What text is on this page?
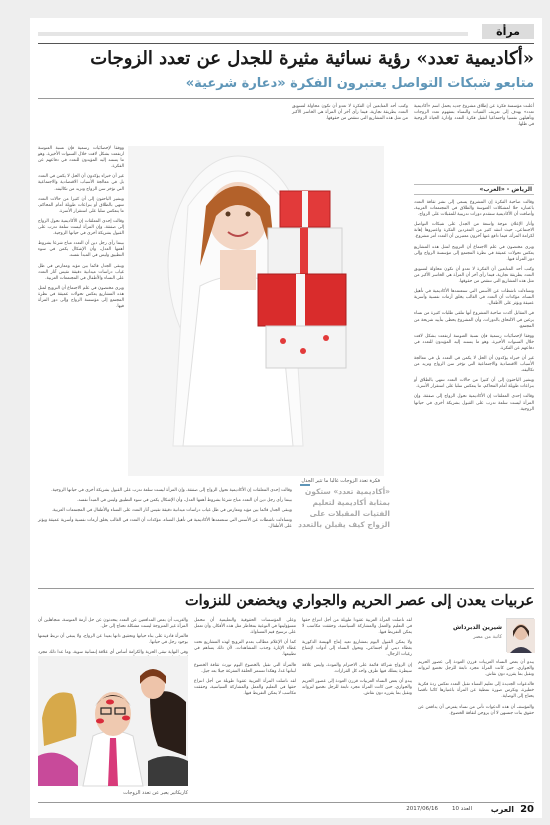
مرأة
«أكاديمية تعدد» رؤية نسائية مثيرة للجدل عن تعدد الزوجات
متابعو شبكات التواصل يعتبرون الفكرة «دعارة شرعية»

أعلنت مؤسسة فكرة عن إطلاق مشروع جديد يحمل اسم «أكاديمية تعدد» يهدف إلى تعريف الفتيات والنساء بمفهوم تعدد الزوجات وتأهيلهن نفسيا واجتماعيا لتقبل فكرة التعدد وإدارة الحياة الزوجية في ظلها.

الرياض - «العرب»

وقالت صاحبة الفكرة إن المشروع يسعى إلى نشر ثقافة التعدد باعتباره حلا لمشكلات العنوسة والطلاق في المجتمعات العربية، وأضافت أن الأكاديمية ستقدم دورات تدريبية للمقبلات على الزواج.

وأثار الإعلان موجة واسعة من الجدل على شبكات التواصل الاجتماعي، حيث انتقد كثير من المغردين الفكرة واعتبروها إهانة لكرامة المرأة، فيما دافع عنها آخرون معتبرين أن التعدد أمر مشروع.

ويرى مختصون في علم الاجتماع أن الترويج لمثل هذه المشاريع يعكس تحولات عميقة في نظرة المجتمع إلى مؤسسة الزواج وإلى دور المرأة فيها.

وكتب أحد المتابعين أن الفكرة لا تعدو أن تكون محاولة لتسويق التعدد بطريقة تجارية، فيما رأى آخر أن المرأة هي الخاسر الأكبر من مثل هذه المشاريع التي تنتقص من حقوقها.

وتساءلت ناشطات عن الأسس التي ستعتمدها الأكاديمية في تأهيل النساء، مؤكدات أن التعدد في الغالب يخلق أزمات نفسية وأسرية عميقة ويؤثر على الأطفال.

في المقابل أكدت صاحبة المشروع أنها تتلقى طلبات كثيرة من نساء يرغبن في الالتحاق بالدورات، وأن المشروع يحظى بتأييد شريحة من المجتمع.

ووفقا لإحصائيات رسمية فإن نسبة العنوسة ارتفعت بشكل لافت خلال السنوات الأخيرة، وهو ما يستند إليه المؤيدون للتعدد في دفاعهم عن الفكرة.

غير أن خبراء يؤكدون أن الحل لا يكمن في التعدد بل في معالجة الأسباب الاقتصادية والاجتماعية التي تؤخر سن الزواج وتزيد من تكاليفه.

ويشير الباحثون إلى أن كثيرا من حالات التعدد تنتهي بالطلاق أو بنزاعات طويلة أمام المحاكم، ما ينعكس سلبا على استقرار الأسرة.

وقالت إحدى المعلقات إن الأكاديمية تحول الزواج إلى صفقة، وإن المرأة ليست سلعة تدرب على القبول بشريكة أخرى في حياتها الزوجية.

وكتب أحد المتابعين أن الفكرة لا تعدو أن تكون محاولة لتسويق التعدد بطريقة تجارية، فيما رأى آخر أن المرأة هي الخاسر الأكبر من مثل هذه المشاريع التي تنتقص من حقوقها.

فكرة تعدد الزوجات غالبا ما تثير الجدل

ووفقا لإحصائيات رسمية فإن نسبة العنوسة ارتفعت بشكل لافت خلال السنوات الأخيرة، وهو ما يستند إليه المؤيدون للتعدد في دفاعهم عن الفكرة.

غير أن خبراء يؤكدون أن الحل لا يكمن في التعدد بل في معالجة الأسباب الاقتصادية والاجتماعية التي تؤخر سن الزواج وتزيد من تكاليفه.

ويشير الباحثون إلى أن كثيرا من حالات التعدد تنتهي بالطلاق أو بنزاعات طويلة أمام المحاكم، ما ينعكس سلبا على استقرار الأسرة.

وقالت إحدى المعلقات إن الأكاديمية تحول الزواج إلى صفقة، وإن المرأة ليست سلعة تدرب على القبول بشريكة أخرى في حياتها الزوجية.

بينما رأى رجل دين أن التعدد مباح شرعا بشروط أهمها العدل، وأن الإشكال يكمن في سوء التطبيق وليس في المبدأ نفسه.

ويبقى الجدل قائما بين مؤيد ومعارض في ظل غياب دراسات ميدانية دقيقة تقيس آثار التعدد على النساء والأطفال في المجتمعات العربية.

ويرى مختصون في علم الاجتماع أن الترويج لمثل هذه المشاريع يعكس تحولات عميقة في نظرة المجتمع إلى مؤسسة الزواج وإلى دور المرأة فيها.

وقالت إحدى المعلقات إن الأكاديمية تحول الزواج إلى صفقة، وإن المرأة ليست سلعة تدرب على القبول بشريكة أخرى في حياتها الزوجية.

بينما رأى رجل دين أن التعدد مباح شرعا بشروط أهمها العدل، وأن الإشكال يكمن في سوء التطبيق وليس في المبدأ نفسه.

ويبقى الجدل قائما بين مؤيد ومعارض في ظل غياب دراسات ميدانية دقيقة تقيس آثار التعدد على النساء والأطفال في المجتمعات العربية.

وتساءلت ناشطات عن الأسس التي ستعتمدها الأكاديمية في تأهيل النساء، مؤكدات أن التعدد في الغالب يخلق أزمات نفسية وأسرية عميقة ويؤثر على الأطفال.

«أكاديمية تعدد» ستكون بمثابة أكاديمية لتعليم الفتيات المقبلات على الزواج كيف يقبلن بالتعدد
عربيات يعدن إلى عصر الحريم والجواري ويخضعن للنزوات
شيرين الدبرداش
كاتبة من مصر

يبدو أن بعض النساء العربيات قررن العودة إلى عصور الحريم والجواري، حين كانت المرأة مجرد تابعة للرجل تخضع لنزواته وتقبل بما يقرره دون نقاش.

فالدعوات الجديدة إلى تعليم النساء تقبل التعدد تعكس ردة فكرية خطيرة، وتكرس صورة نمطية عن المرأة باعتبارها كائنا ناقصا يحتاج إلى الوصاية.

والمؤسف أن هذه الدعوات تأتي من نساء يفترض أن يدافعن عن حقوق بنات جنسهن لا أن يروجن لثقافة الخضوع.

لقد ناضلت المرأة العربية عقودا طويلة من أجل انتزاع حقها في التعليم والعمل والمشاركة السياسية، وحققت مكاسب لا يمكن التفريط فيها.

ولا يمكن القبول اليوم بمشاريع تعيد إنتاج الهيمنة الذكورية بغطاء ديني أو اجتماعي، وتحول النساء إلى أدوات لإشباع رغبات الرجال.

إن الزواج شراكة قائمة على الاحترام والمودة، وليس علاقة سيطرة يمتلك فيها طرف واحد كل القرارات.

يبدو أن بعض النساء العربيات قررن العودة إلى عصور الحريم والجواري، حين كانت المرأة مجرد تابعة للرجل تخضع لنزواته وتقبل بما يقرره دون نقاش.

وعلى المؤسسات الحقوقية والتعليمية أن تتحمل مسؤوليتها في التوعية بمخاطر مثل هذه الأفكار، وأن تعمل على ترسيخ قيم المساواة.

كما أن الإعلام مطالب بعدم الترويج لهذه المشاريع تحت غطاء الإثارة وجذب المشاهدات، لأن ذلك يساهم في تطبيعها.

فالمرأة التي تقبل بالخضوع اليوم تورث ثقافة الخضوع لبناتها غدا، وهكذا تستمر الحلقة المفرغة جيلا بعد جيل.

لقد ناضلت المرأة العربية عقودا طويلة من أجل انتزاع حقها في التعليم والعمل والمشاركة السياسية، وحققت مكاسب لا يمكن التفريط فيها.

والغريب أن بعض المدافعين عن التعدد يتحدثون عن حل أزمة العنوسة، متجاهلين أن المرأة غير المتزوجة ليست مشكلة تحتاج إلى حل.

فالمرأة قادرة على بناء حياتها وتحقيق ذاتها بعيدا عن الزواج، ولا ينبغي أن تربط قيمتها بوجود رجل في حياتها.

وفي النهاية تبقى الحرية والكرامة أساس أي علاقة إنسانية سوية، وما عدا ذلك مجرد

كاريكاتير يعبر عن تعدد الزوجات
20
العرب
العدد 10
2017/06/16
